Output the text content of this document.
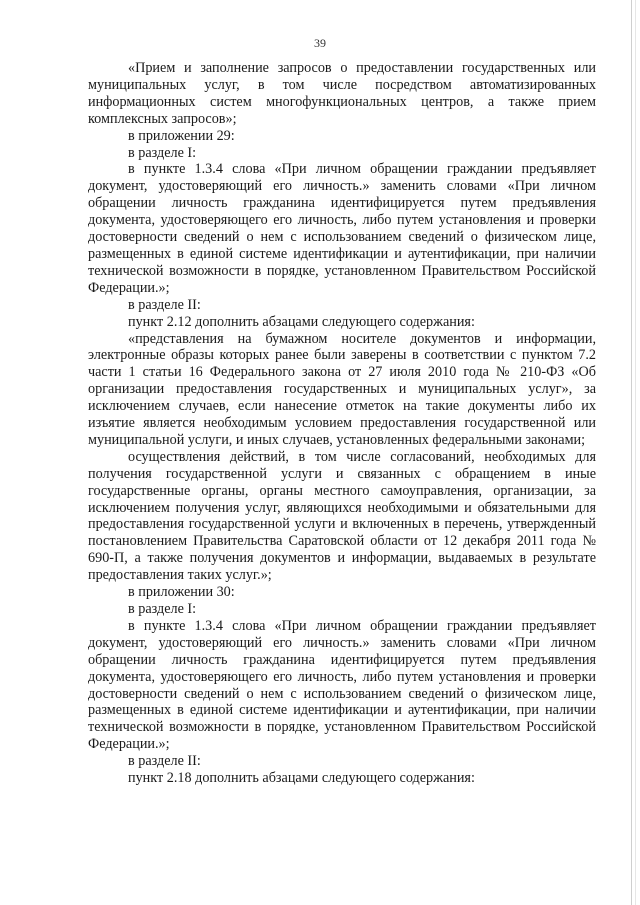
39

«Прием и заполнение запросов о предоставлении государственных или муниципальных услуг, в том числе посредством автоматизированных информационных систем многофункциональных центров, а также прием комплексных запросов»;

в приложении 29:

в разделе I:

в пункте 1.3.4 слова «При личном обращении граждании предъявляет документ, удостоверяющий его личность.» заменить словами «При личном обращении личность гражданина идентифицируется путем предъявления документа, удостоверяющего его личность, либо путем установления и проверки достоверности сведений о нем с использованием сведений о физическом лице, размещенных в единой системе идентификации и аутентификации, при наличии технической возможности в порядке, установленном Правительством Российской Федерации.»;

в разделе II:

пункт 2.12 дополнить абзацами следующего содержания:

«представления на бумажном носителе документов и информации, электронные образы которых ранее были заверены в соответствии с пунктом 7.2 части 1 статьи 16 Федерального закона от 27 июля 2010 года № 210-ФЗ «Об организации предоставления государственных и муниципальных услуг», за исключением случаев, если нанесение отметок на такие документы либо их изъятие является необходимым условием предоставления государственной или муниципальной услуги, и иных случаев, установленных федеральными законами;

осуществления действий, в том числе согласований, необходимых для получения государственной услуги и связанных с обращением в иные государственные органы, органы местного самоуправления, организации, за исключением получения услуг, являющихся необходимыми и обязательными для предоставления государственной услуги и включенных в перечень, утвержденный постановлением Правительства Саратовской области от 12 декабря 2011 года № 690-П, а также получения документов и информации, выдаваемых в результате предоставления таких услуг.»;

в приложении 30:

в разделе I:

в пункте 1.3.4 слова «При личном обращении граждании предъявляет документ, удостоверяющий его личность.» заменить словами «При личном обращении личность гражданина идентифицируется путем предъявления документа, удостоверяющего его личность, либо путем установления и проверки достоверности сведений о нем с использованием сведений о физическом лице, размещенных в единой системе идентификации и аутентификации, при наличии технической возможности в порядке, установленном Правительством Российской Федерации.»;

в разделе II:

пункт 2.18 дополнить абзацами следующего содержания:
